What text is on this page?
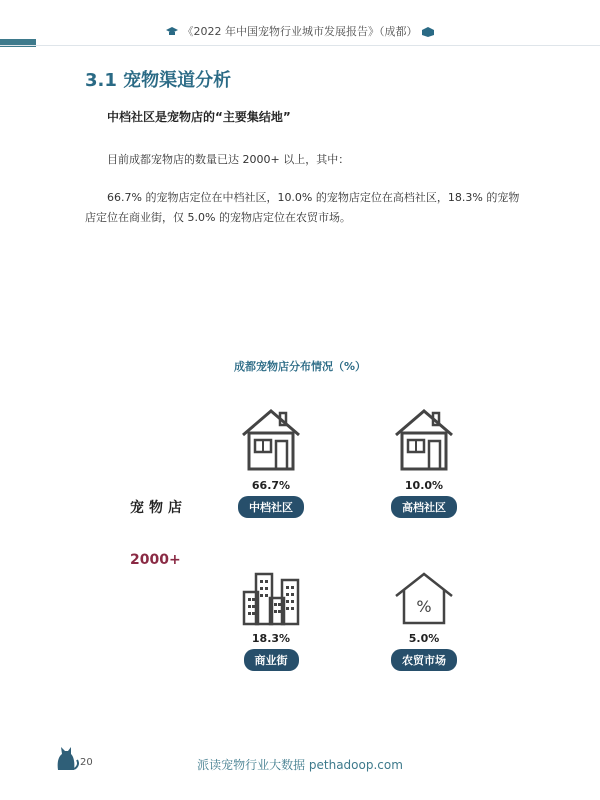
《2022 年中国宠物行业城市发展报告》（成都）
3.1 宠物渠道分析
中档社区是宠物店的“主要集结地”
目前成都宠物店的数量已达 2000+ 以上，其中：
66.7% 的宠物店定位在中档社区，10.0% 的宠物店定位在高档社区，18.3% 的宠物店定位在商业街，仅 5.0% 的宠物店定位在农贸市场。
成都宠物店分布情况（%）
宠物店
2000+
66.7%
中档社区
10.0%
高档社区
18.3%
商业街
%
5.0%
农贸市场
20	派读宠物行业大数据 pethadoop.com
